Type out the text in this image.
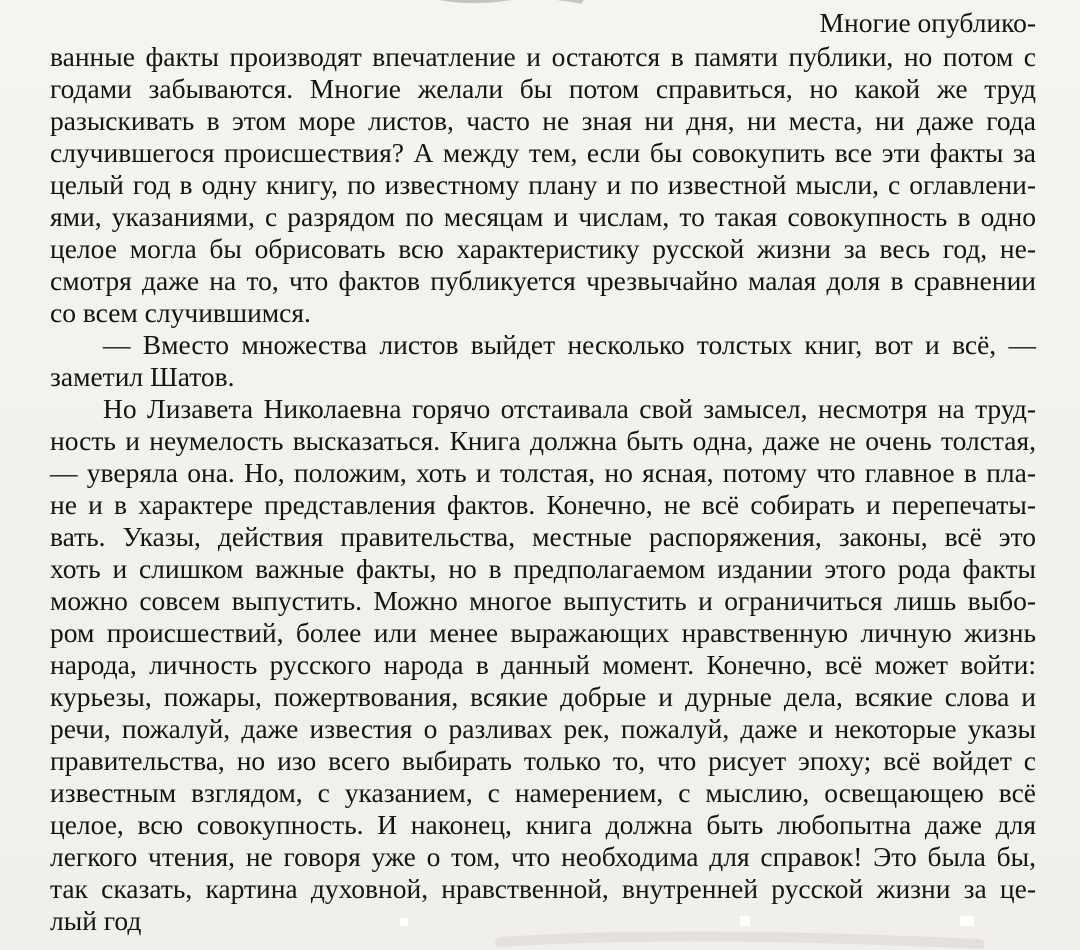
Многие опублико-
ванные факты производят впечатление и остаются в памяти публики, но потом с
годами забываются. Многие желали бы потом справиться, но какой же труд
разыскивать в этом море листов, часто не зная ни дня, ни места, ни даже года
случившегося происшествия? А между тем, если бы совокупить все эти факты за
целый год в одну книгу, по известному плану и по известной мысли, с оглавлени-
ями, указаниями, с разрядом по месяцам и числам, то такая совокупность в одно
целое могла бы обрисовать всю характеристику русской жизни за весь год, не-
смотря даже на то, что фактов публикуется чрезвычайно малая доля в сравнении
со всем случившимся.
— Вместо множества листов выйдет несколько толстых книг, вот и всё, —
заметил Шатов.
Но Лизавета Николаевна горячо отстаивала свой замысел, несмотря на труд-
ность и неумелость высказаться. Книга должна быть одна, даже не очень толстая,
— уверяла она. Но, положим, хоть и толстая, но ясная, потому что главное в пла-
не и в характере представления фактов. Конечно, не всё собирать и перепечаты-
вать. Указы, действия правительства, местные распоряжения, законы, всё это
хоть и слишком важные факты, но в предполагаемом издании этого рода факты
можно совсем выпустить. Можно многое выпустить и ограничиться лишь выбо-
ром происшествий, более или менее выражающих нравственную личную жизнь
народа, личность русского народа в данный момент. Конечно, всё может войти:
курьезы, пожары, пожертвования, всякие добрые и дурные дела, всякие слова и
речи, пожалуй, даже известия о разливах рек, пожалуй, даже и некоторые указы
правительства, но изо всего выбирать только то, что рисует эпоху; всё войдет с
известным взглядом, с указанием, с намерением, с мыслию, освещающею всё
целое, всю совокупность. И наконец, книга должна быть любопытна даже для
легкого чтения, не говоря уже о том, что необходима для справок! Это была бы,
так сказать, картина духовной, нравственной, внутренней русской жизни за це-
лый год
